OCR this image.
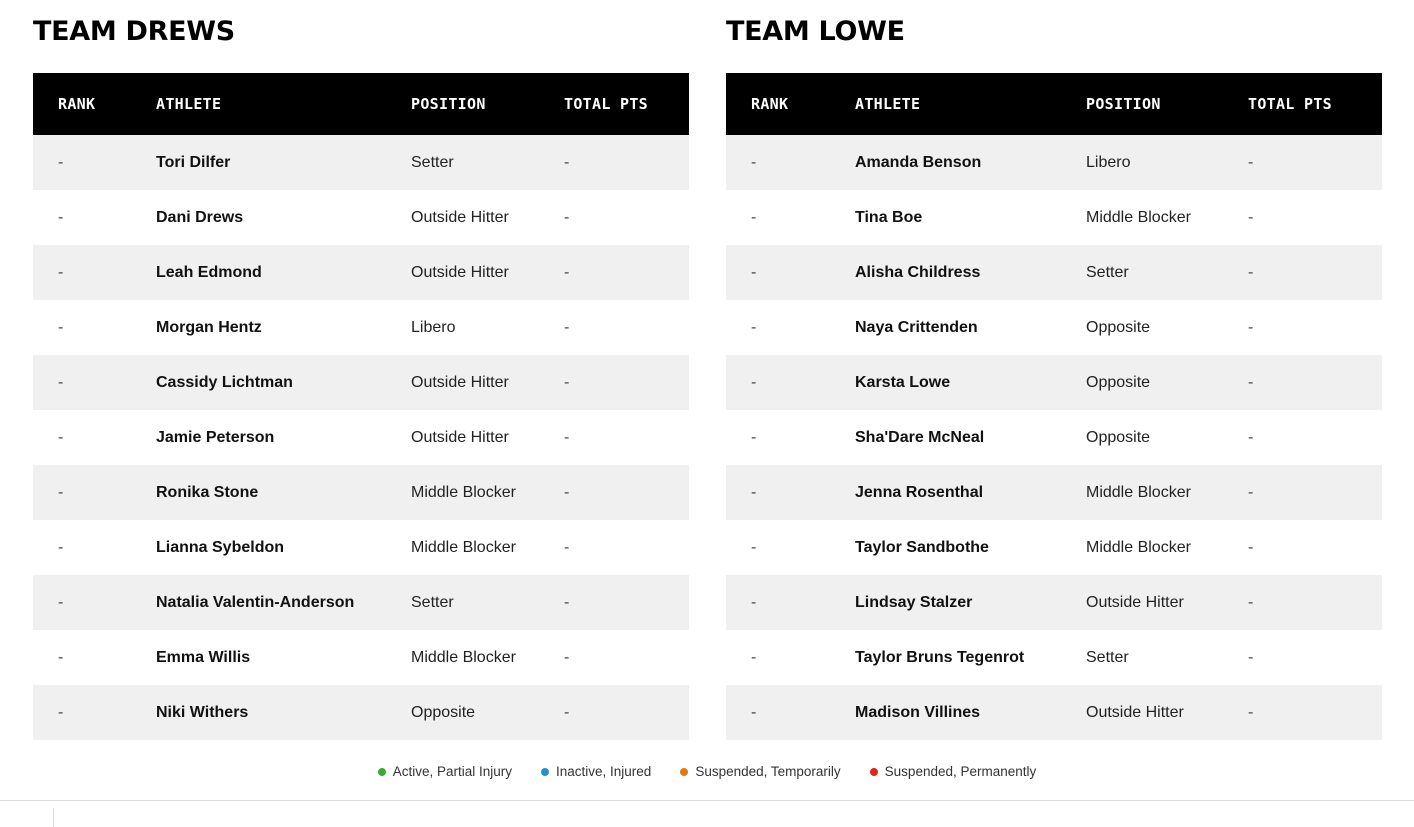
TEAM DREWS
RANK	ATHLETE	POSITION	TOTAL PTS
-	Tori Dilfer	Setter	-
-	Dani Drews	Outside Hitter	-
-	Leah Edmond	Outside Hitter	-
-	Morgan Hentz	Libero	-
-	Cassidy Lichtman	Outside Hitter	-
-	Jamie Peterson	Outside Hitter	-
-	Ronika Stone	Middle Blocker	-
-	Lianna Sybeldon	Middle Blocker	-
-	Natalia Valentin-Anderson	Setter	-
-	Emma Willis	Middle Blocker	-
-	Niki Withers	Opposite	-
TEAM LOWE
RANK	ATHLETE	POSITION	TOTAL PTS
-	Amanda Benson	Libero	-
-	Tina Boe	Middle Blocker	-
-	Alisha Childress	Setter	-
-	Naya Crittenden	Opposite	-
-	Karsta Lowe	Opposite	-
-	Sha'Dare McNeal	Opposite	-
-	Jenna Rosenthal	Middle Blocker	-
-	Taylor Sandbothe	Middle Blocker	-
-	Lindsay Stalzer	Outside Hitter	-
-	Taylor Bruns Tegenrot	Setter	-
-	Madison Villines	Outside Hitter	-
Active, Partial Injury	Inactive, Injured	Suspended, Temporarily	Suspended, Permanently
